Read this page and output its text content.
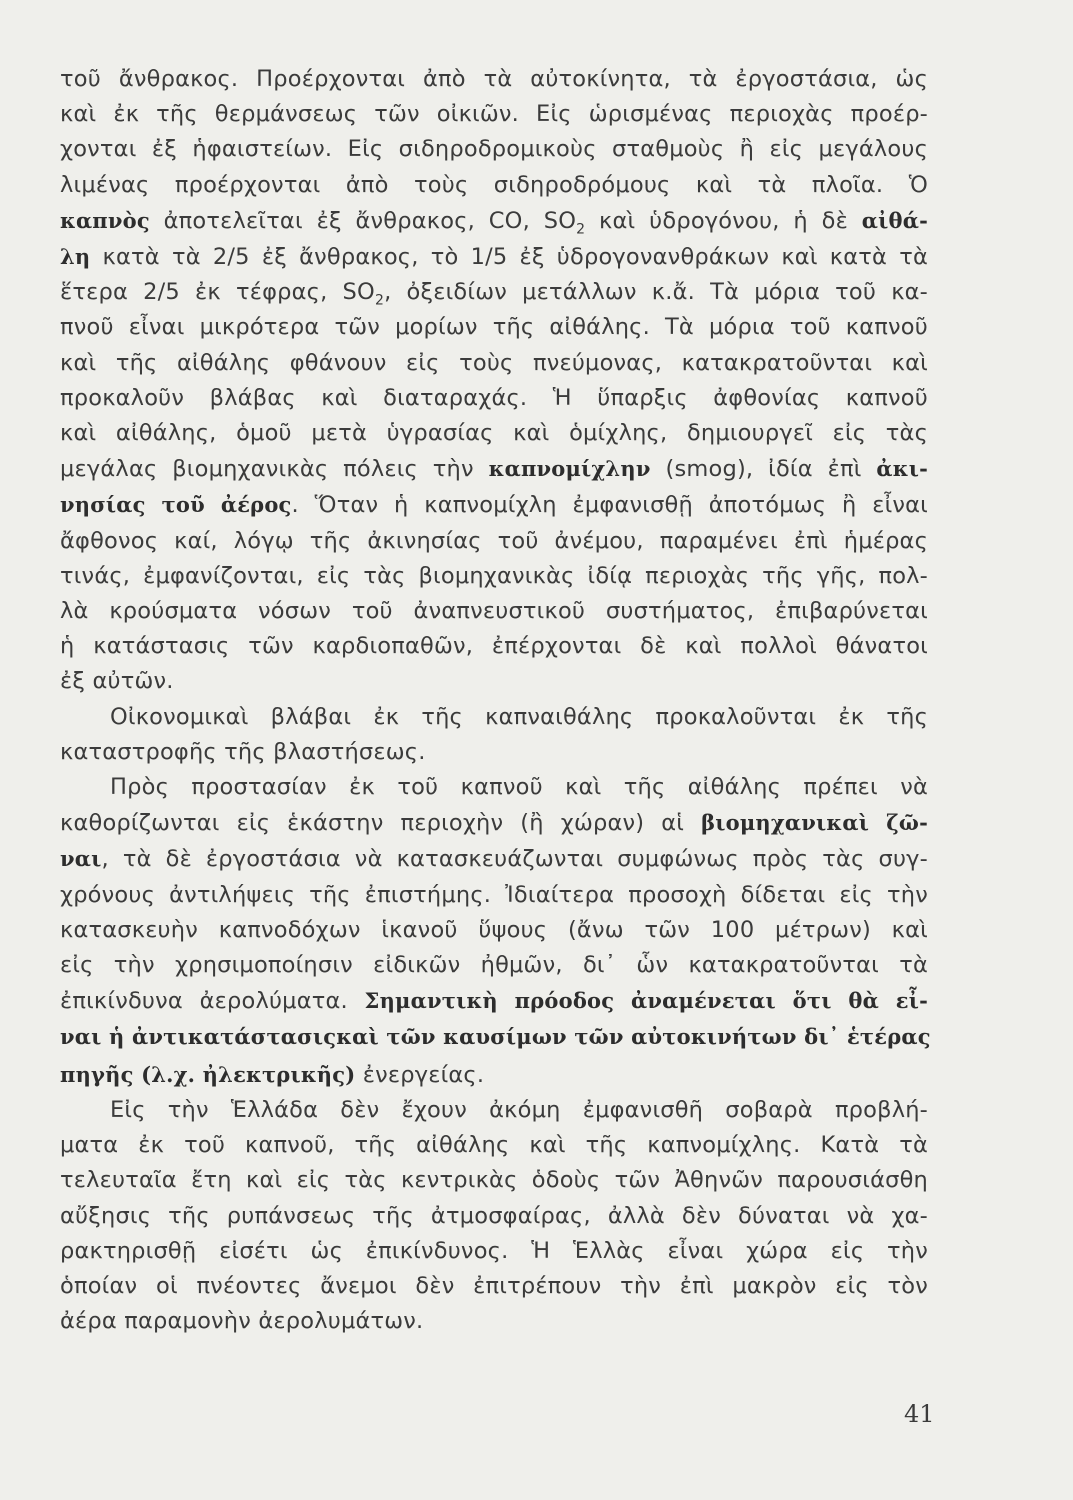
τοῦ ἄνθρακος. Προέρχονται ἀπὸ τὰ αὐτοκίνητα, τὰ ἐργοστάσια, ὡς
καὶ ἐκ τῆς θερμάνσεως τῶν οἰκιῶν. Εἰς ὡρισμένας περιοχὰς προέρ-
χονται ἐξ ἡφαιστείων. Εἰς σιδηροδρομικοὺς σταθμοὺς ἢ εἰς μεγάλους
λιμένας προέρχονται ἀπὸ τοὺς σιδηροδρόμους καὶ τὰ πλοῖα. Ὁ
καπνὸς ἀποτελεῖται ἐξ ἄνθρακος, CO, $SO_2$ καὶ ὑδρογόνου, ἡ δὲ αἰθά-
λη κατὰ τὰ 2/5 ἐξ ἄνθρακος, τὸ 1/5 ἐξ ὑδρογονανθράκων καὶ κατὰ τὰ
ἕτερα 2/5 ἐκ τέφρας, $SO_2$, ὀξειδίων μετάλλων κ.ἄ. Τὰ μόρια τοῦ κα-
πνοῦ εἶναι μικρότερα τῶν μορίων τῆς αἰθάλης. Τὰ μόρια τοῦ καπνοῦ
καὶ τῆς αἰθάλης φθάνουν εἰς τοὺς πνεύμονας, κατακρατοῦνται καὶ
προκαλοῦν βλάβας καὶ διαταραχάς. Ἡ ὕπαρξις ἀφθονίας καπνοῦ
καὶ αἰθάλης, ὁμοῦ μετὰ ὑγρασίας καὶ ὁμίχλης, δημιουργεῖ εἰς τὰς
μεγάλας βιομηχανικὰς πόλεις τὴν καπνομίχλην (smog), ἰδία ἐπὶ ἀκι-
νησίας τοῦ ἀέρος. Ὅταν ἡ καπνομίχλη ἐμφανισθῇ ἀποτόμως ἢ εἶναι
ἄφθονος καί, λόγῳ τῆς ἀκινησίας τοῦ ἀνέμου, παραμένει ἐπὶ ἡμέρας
τινάς, ἐμφανίζονται, εἰς τὰς βιομηχανικὰς ἰδίᾳ περιοχὰς τῆς γῆς, πολ-
λὰ κρούσματα νόσων τοῦ ἀναπνευστικοῦ συστήματος, ἐπιβαρύνεται
ἡ κατάστασις τῶν καρδιοπαθῶν, ἐπέρχονται δὲ καὶ πολλοὶ θάνατοι
ἐξ αὐτῶν.
Οἰκονομικαὶ βλάβαι ἐκ τῆς καπναιθάλης προκαλοῦνται ἐκ τῆς
καταστροφῆς τῆς βλαστήσεως.
Πρὸς προστασίαν ἐκ τοῦ καπνοῦ καὶ τῆς αἰθάλης πρέπει νὰ
καθορίζωνται εἰς ἑκάστην περιοχὴν (ἢ χώραν) αἱ βιομηχανικαὶ ζῶ-
ναι, τὰ δὲ ἐργοστάσια νὰ κατασκευάζωνται συμφώνως πρὸς τὰς συγ-
χρόνους ἀντιλήψεις τῆς ἐπιστήμης. Ἰδιαίτερα προσοχὴ δίδεται εἰς τὴν
κατασκευὴν καπνοδόχων ἱκανοῦ ὕψους (ἄνω τῶν 100 μέτρων) καὶ
εἰς τὴν χρησιμοποίησιν εἰδικῶν ἠθμῶν, δι᾽ ὧν κατακρατοῦνται τὰ
ἐπικίνδυνα ἀερολύματα. Σημαντικὴ πρόοδος ἀναμένεται ὅτι θὰ εἶ-
ναι ἡ ἀντικατάστασιςκαὶ τῶν καυσίμων τῶν αὐτοκινήτων δι᾽ ἑτέρας
πηγῆς (λ.χ. ἠλεκτρικῆς) ἐνεργείας.
Εἰς τὴν Ἑλλάδα δὲν ἔχουν ἀκόμη ἐμφανισθῆ σοβαρὰ προβλή-
ματα ἐκ τοῦ καπνοῦ, τῆς αἰθάλης καὶ τῆς καπνομίχλης. Κατὰ τὰ
τελευταῖα ἔτη καὶ εἰς τὰς κεντρικὰς ὁδοὺς τῶν Ἀθηνῶν παρουσιάσθη
αὔξησις τῆς ρυπάνσεως τῆς ἀτμοσφαίρας, ἀλλὰ δὲν δύναται νὰ χα-
ρακτηρισθῇ εἰσέτι ὡς ἐπικίνδυνος. Ἡ Ἑλλὰς εἶναι χώρα εἰς τὴν
ὁποίαν οἱ πνέοντες ἄνεμοι δὲν ἐπιτρέπουν τὴν ἐπὶ μακρὸν εἰς τὸν
ἀέρα παραμονὴν ἀερολυμάτων.
41
